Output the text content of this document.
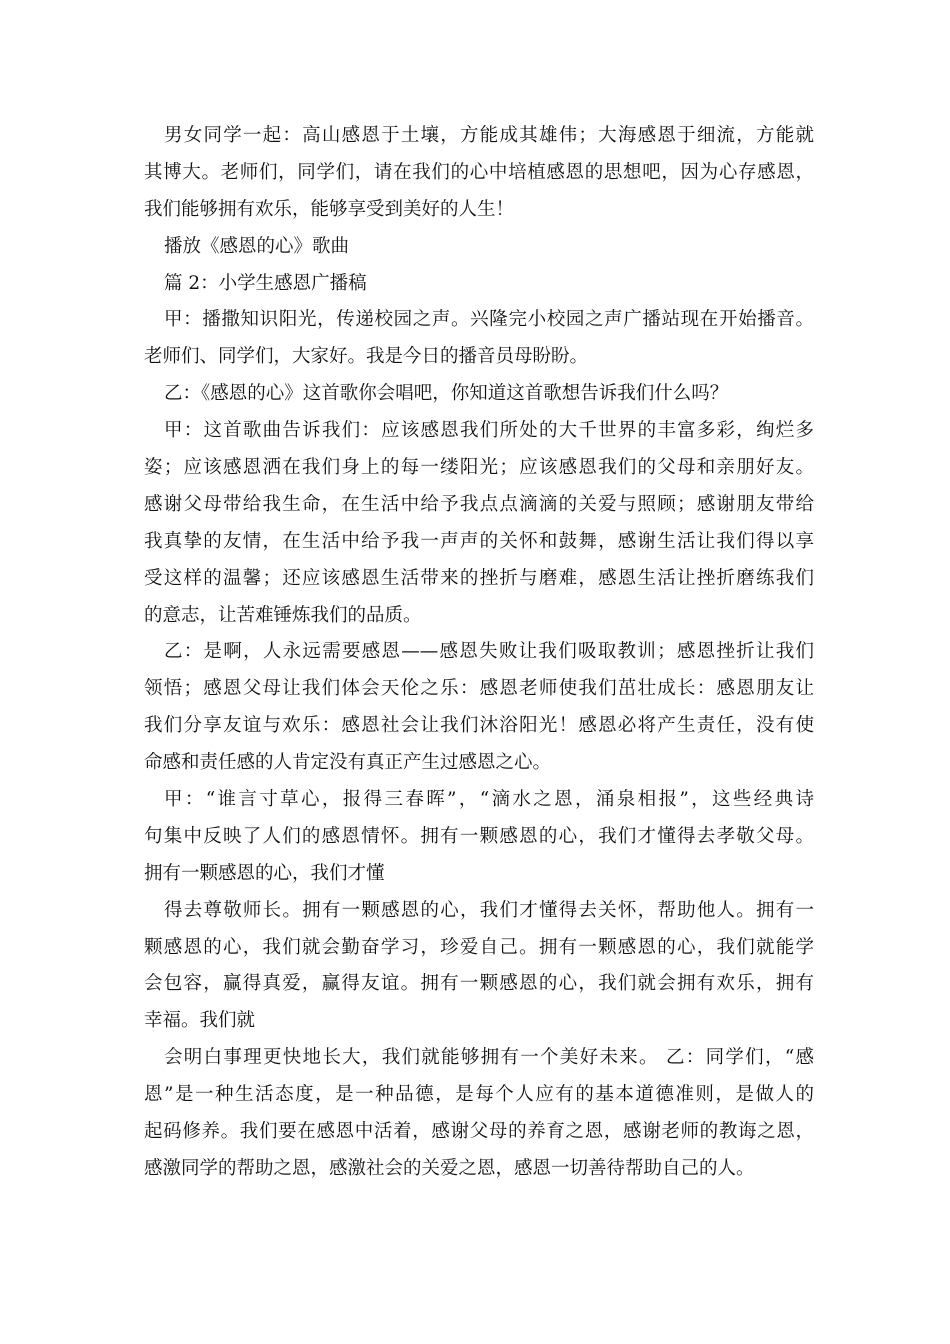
男女同学一起：高山感恩于土壤，方能成其雄伟；大海感恩于细流，方能就
其博大。老师们，同学们，请在我们的心中培植感恩的思想吧，因为心存感恩，
我们能够拥有欢乐，能够享受到美好的人生！
播放《感恩的心》歌曲
篇 2：小学生感恩广播稿
甲：播撒知识阳光，传递校园之声。兴隆完小校园之声广播站现在开始播音。
老师们、同学们，大家好。我是今日的播音员母盼盼。
乙：《感恩的心》这首歌你会唱吧，你知道这首歌想告诉我们什么吗？
甲：这首歌曲告诉我们：应该感恩我们所处的大千世界的丰富多彩，绚烂多
姿；应该感恩洒在我们身上的每一缕阳光；应该感恩我们的父母和亲朋好友。
感谢父母带给我生命，在生活中给予我点点滴滴的关爱与照顾；感谢朋友带给
我真挚的友情，在生活中给予我一声声的关怀和鼓舞，感谢生活让我们得以享
受这样的温馨；还应该感恩生活带来的挫折与磨难，感恩生活让挫折磨练我们
的意志，让苦难锤炼我们的品质。
乙：是啊，人永远需要感恩——感恩失败让我们吸取教训；感恩挫折让我们
领悟；感恩父母让我们体会天伦之乐：感恩老师使我们茁壮成长：感恩朋友让
我们分享友谊与欢乐：感恩社会让我们沐浴阳光！感恩必将产生责任，没有使
命感和责任感的人肯定没有真正产生过感恩之心。
甲：“谁言寸草心，报得三春晖”，“滴水之恩，涌泉相报”，这些经典诗
句集中反映了人们的感恩情怀。拥有一颗感恩的心，我们才懂得去孝敬父母。
拥有一颗感恩的心，我们才懂
得去尊敬师长。拥有一颗感恩的心，我们才懂得去关怀，帮助他人。拥有一
颗感恩的心，我们就会勤奋学习，珍爱自己。拥有一颗感恩的心，我们就能学
会包容，赢得真爱，赢得友谊。拥有一颗感恩的心，我们就会拥有欢乐，拥有
幸福。我们就
会明白事理更快地长大，我们就能够拥有一个美好未来。 乙：同学们，“感
恩”是一种生活态度，是一种品德，是每个人应有的基本道德准则，是做人的
起码修养。我们要在感恩中活着，感谢父母的养育之恩，感谢老师的教诲之恩，
感激同学的帮助之恩，感激社会的关爱之恩，感恩一切善待帮助自己的人。
